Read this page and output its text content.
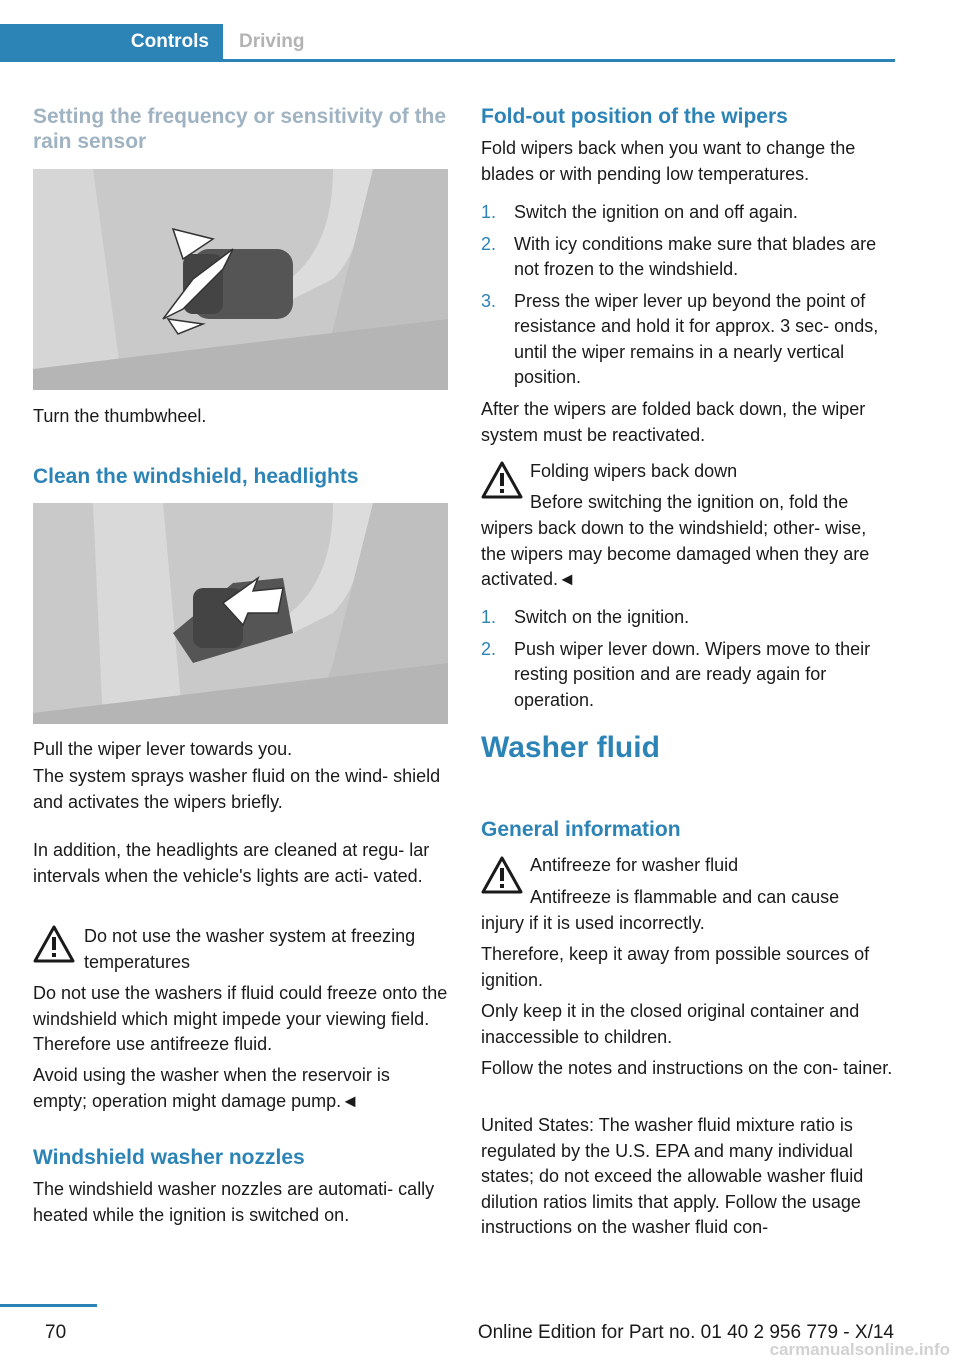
Controls Driving
Setting the frequency or sensitivity of the rain sensor

Turn the thumbwheel.

Clean the windshield, headlights

Pull the wiper lever towards you.

The system sprays washer fluid on the wind‐ shield and activates the wipers briefly.

In addition, the headlights are cleaned at regu‐ lar intervals when the vehicle's lights are acti‐ vated.

Do not use the washer system at freezing temperatures

Do not use the washers if fluid could freeze onto the windshield which might impede your viewing field. Therefore use antifreeze fluid.

Avoid using the washer when the reservoir is empty; operation might damage pump.◄

Windshield washer nozzles

The windshield washer nozzles are automati‐ cally heated while the ignition is switched on.

Fold-out position of the wipers

Fold wipers back when you want to change the blades or with pending low temperatures.

1. Switch the ignition on and off again.
2. With icy conditions make sure that blades are not frozen to the windshield.
3. Press the wiper lever up beyond the point of resistance and hold it for approx. 3 sec‐ onds, until the wiper remains in a nearly vertical position.

After the wipers are folded back down, the wiper system must be reactivated.

Folding wipers back down

Before switching the ignition on, fold the

wipers back down to the windshield; other‐ wise, the wipers may become damaged when they are activated.◄

1. Switch on the ignition.
2. Push wiper lever down. Wipers move to their resting position and are ready again for operation.
Washer fluid
General information

Antifreeze for washer fluid

Antifreeze is flammable and can cause

injury if it is used incorrectly.

Therefore, keep it away from possible sources of ignition.

Only keep it in the closed original container and inaccessible to children.

Follow the notes and instructions on the con‐ tainer.

United States: The washer fluid mixture ratio is regulated by the U.S. EPA and many individual states; do not exceed the allowable washer fluid dilution ratios limits that apply. Follow the usage instructions on the washer fluid con‐

70	Online Edition for Part no. 01 40 2 956 779 - X/14
carmanualsonline.info
